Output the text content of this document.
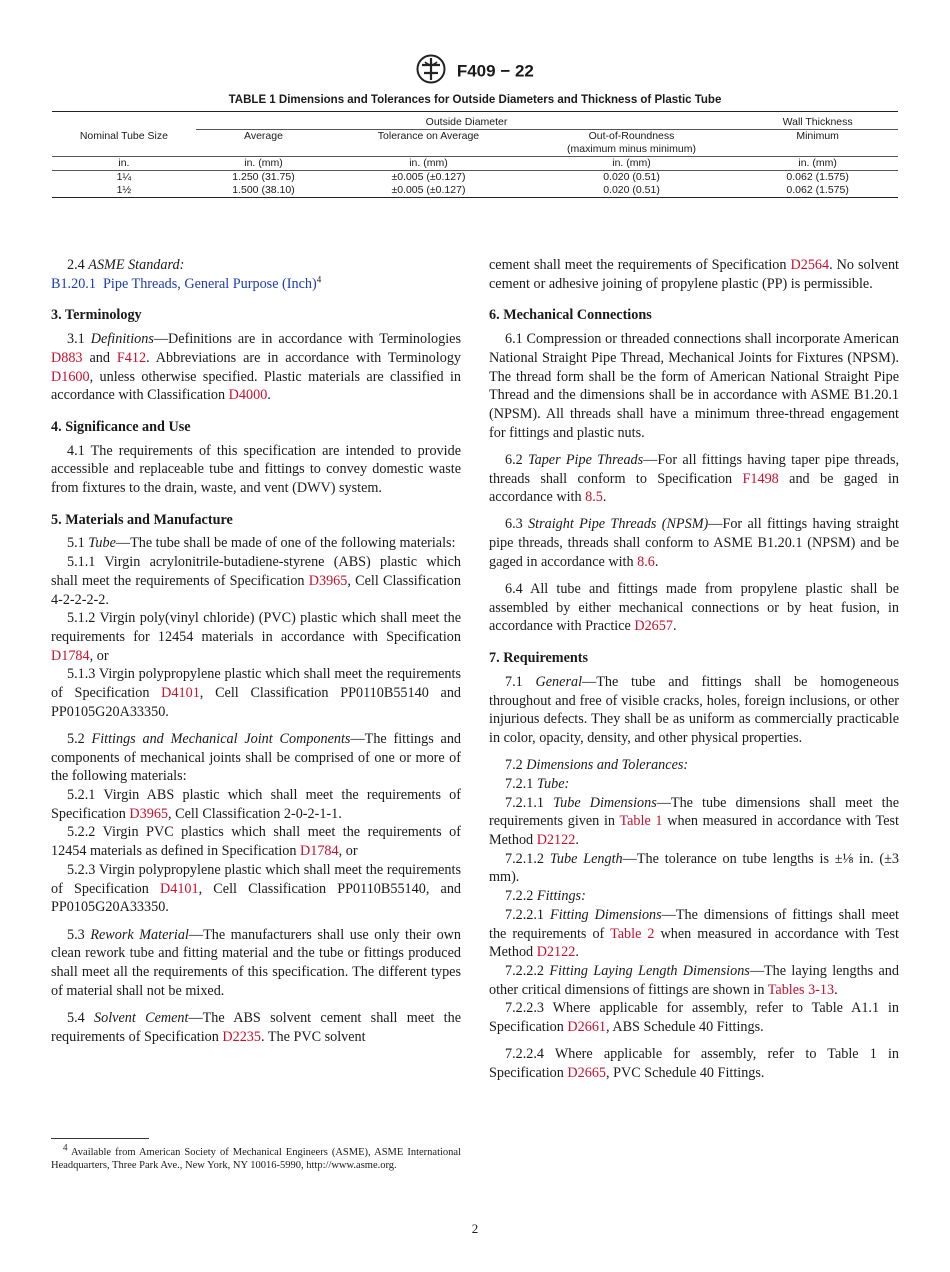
F409 − 22
TABLE 1 Dimensions and Tolerances for Outside Diameters and Thickness of Plastic Tube
	Outside Diameter			Wall Thickness
Nominal Tube Size	Average	Tolerance on Average	Out-of-Roundness	Minimum
			(maximum minus minimum)	
in.	in. (mm)	in. (mm)	in. (mm)	in. (mm)
1¼	1.250 (31.75)	±0.005 (±0.127)	0.020 (0.51)	0.062 (1.575)
1½	1.500 (38.10)	±0.005 (±0.127)	0.020 (0.51)	0.062 (1.575)

2.4 ASME Standard:

B1.20.1 Pipe Threads, General Purpose (Inch)$^4$

3. Terminology

3.1 Definitions—Definitions are in accordance with Terminologies D883 and F412. Abbreviations are in accordance with Terminology D1600, unless otherwise specified. Plastic materials are classified in accordance with Classification D4000.

4. Significance and Use

4.1 The requirements of this specification are intended to provide accessible and replaceable tube and fittings to convey domestic waste from fixtures to the drain, waste, and vent (DWV) system.

5. Materials and Manufacture

5.1 Tube—The tube shall be made of one of the following materials:

5.1.1 Virgin acrylonitrile-butadiene-styrene (ABS) plastic which shall meet the requirements of Specification D3965, Cell Classification 4-2-2-2-2.

5.1.2 Virgin poly(vinyl chloride) (PVC) plastic which shall meet the requirements for 12454 materials in accordance with Specification D1784, or

5.1.3 Virgin polypropylene plastic which shall meet the requirements of Specification D4101, Cell Classification PP0110B55140 and PP0105G20A33350.

5.2 Fittings and Mechanical Joint Components—The fittings and components of mechanical joints shall be comprised of one or more of the following materials:

5.2.1 Virgin ABS plastic which shall meet the requirements of Specification D3965, Cell Classification 2-0-2-1-1.

5.2.2 Virgin PVC plastics which shall meet the requirements of 12454 materials as defined in Specification D1784, or

5.2.3 Virgin polypropylene plastic which shall meet the requirements of Specification D4101, Cell Classification PP0110B55140, and PP0105G20A33350.

5.3 Rework Material—The manufacturers shall use only their own clean rework tube and fitting material and the tube or fittings produced shall meet all the requirements of this specification. The different types of material shall not be mixed.

5.4 Solvent Cement—The ABS solvent cement shall meet the requirements of Specification D2235. The PVC solvent

cement shall meet the requirements of Specification D2564. No solvent cement or adhesive joining of propylene plastic (PP) is permissible.

6. Mechanical Connections

6.1 Compression or threaded connections shall incorporate American National Straight Pipe Thread, Mechanical Joints for Fixtures (NPSM). The thread form shall be the form of American National Straight Pipe Thread and the dimensions shall be in accordance with ASME B1.20.1 (NPSM). All threads shall have a minimum three-thread engagement for fittings and plastic nuts.

6.2 Taper Pipe Threads—For all fittings having taper pipe threads, threads shall conform to Specification F1498 and be gaged in accordance with 8.5.

6.3 Straight Pipe Threads (NPSM)—For all fittings having straight pipe threads, threads shall conform to ASME B1.20.1 (NPSM) and be gaged in accordance with 8.6.

6.4 All tube and fittings made from propylene plastic shall be assembled by either mechanical connections or by heat fusion, in accordance with Practice D2657.

7. Requirements

7.1 General—The tube and fittings shall be homogeneous throughout and free of visible cracks, holes, foreign inclusions, or other injurious defects. They shall be as uniform as commercially practicable in color, opacity, density, and other physical properties.

7.2 Dimensions and Tolerances:

7.2.1 Tube:

7.2.1.1 Tube Dimensions—The tube dimensions shall meet the requirements given in Table 1 when measured in accordance with Test Method D2122.

7.2.1.2 Tube Length—The tolerance on tube lengths is ±⅛ in. (±3 mm).

7.2.2 Fittings:

7.2.2.1 Fitting Dimensions—The dimensions of fittings shall meet the requirements of Table 2 when measured in accordance with Test Method D2122.

7.2.2.2 Fitting Laying Length Dimensions—The laying lengths and other critical dimensions of fittings are shown in Tables 3-13.

7.2.2.3 Where applicable for assembly, refer to Table A1.1 in Specification D2661, ABS Schedule 40 Fittings.

7.2.2.4 Where applicable for assembly, refer to Table 1 in Specification D2665, PVC Schedule 40 Fittings.

$^4$ Available from American Society of Mechanical Engineers (ASME), ASME International Headquarters, Three Park Ave., New York, NY 10016-5990, http://www.asme.org.
2
